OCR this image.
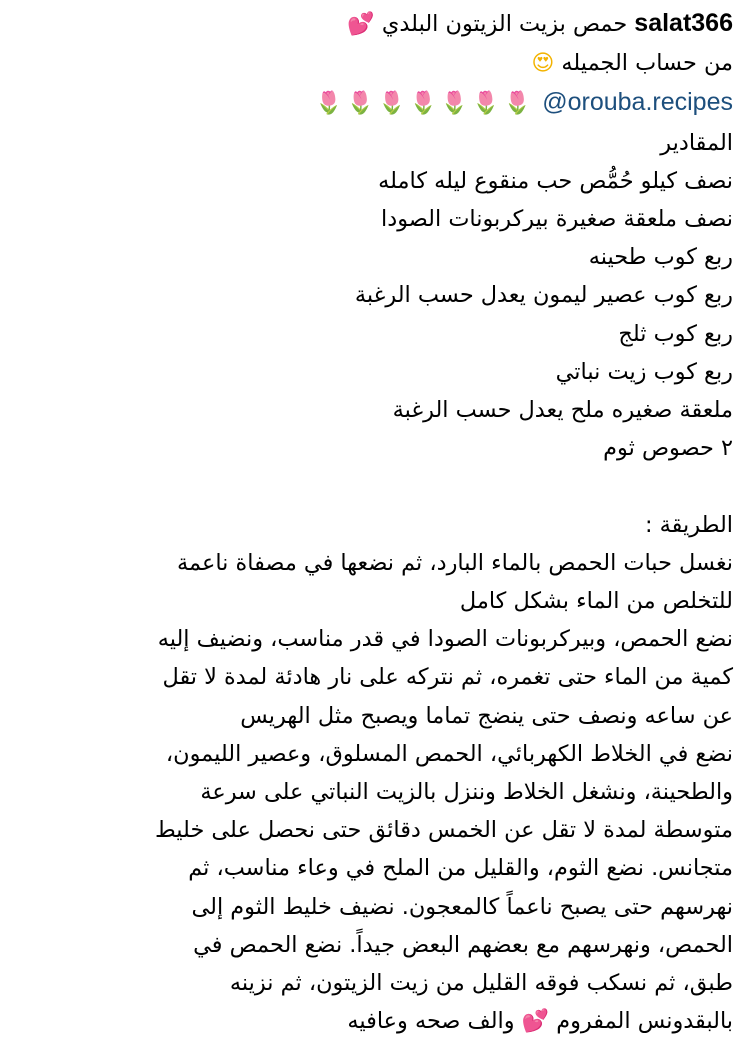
salat366 حمص بزيت الزيتون البلدي 💕
من حساب الجميله 😍
@orouba.recipes 🌷🌷🌷🌷🌷🌷🌷
المقادير
نصف كيلو حُمُّص حب منقوع ليله كامله
نصف ملعقة صغيرة بيركربونات الصودا
ربع كوب طحينه
ربع كوب عصير ليمون يعدل حسب الرغبة
ربع كوب ثلج
ربع كوب زيت نباتي
ملعقة صغيره ملح يعدل حسب الرغبة
٢ حصوص ثوم
الطريقة :
نغسل حبات الحمص بالماء البارد، ثم نضعها في مصفاة ناعمة
للتخلص من الماء بشكل كامل
نضع الحمص، وبيركربونات الصودا في قدر مناسب، ونضيف إليه
كمية من الماء حتى تغمره، ثم نتركه على نار هادئة لمدة لا تقل
عن ساعه ونصف حتى ينضج تماما ويصبح مثل الهريس
نضع في الخلاط الكهربائي، الحمص المسلوق، وعصير الليمون،
والطحينة، ونشغل الخلاط وننزل بالزيت النباتي على سرعة
متوسطة لمدة لا تقل عن الخمس دقائق حتى نحصل على خليط
متجانس. نضع الثوم، والقليل من الملح في وعاء مناسب، ثم
نهرسهم حتى يصبح ناعماً كالمعجون. نضيف خليط الثوم إلى
الحمص، ونهرسهم مع بعضهم البعض جيداً. نضع الحمص في
طبق، ثم نسكب فوقه القليل من زيت الزيتون، ثم نزينه
بالبقدونس المفروم 💕 والف صحه وعافيه
